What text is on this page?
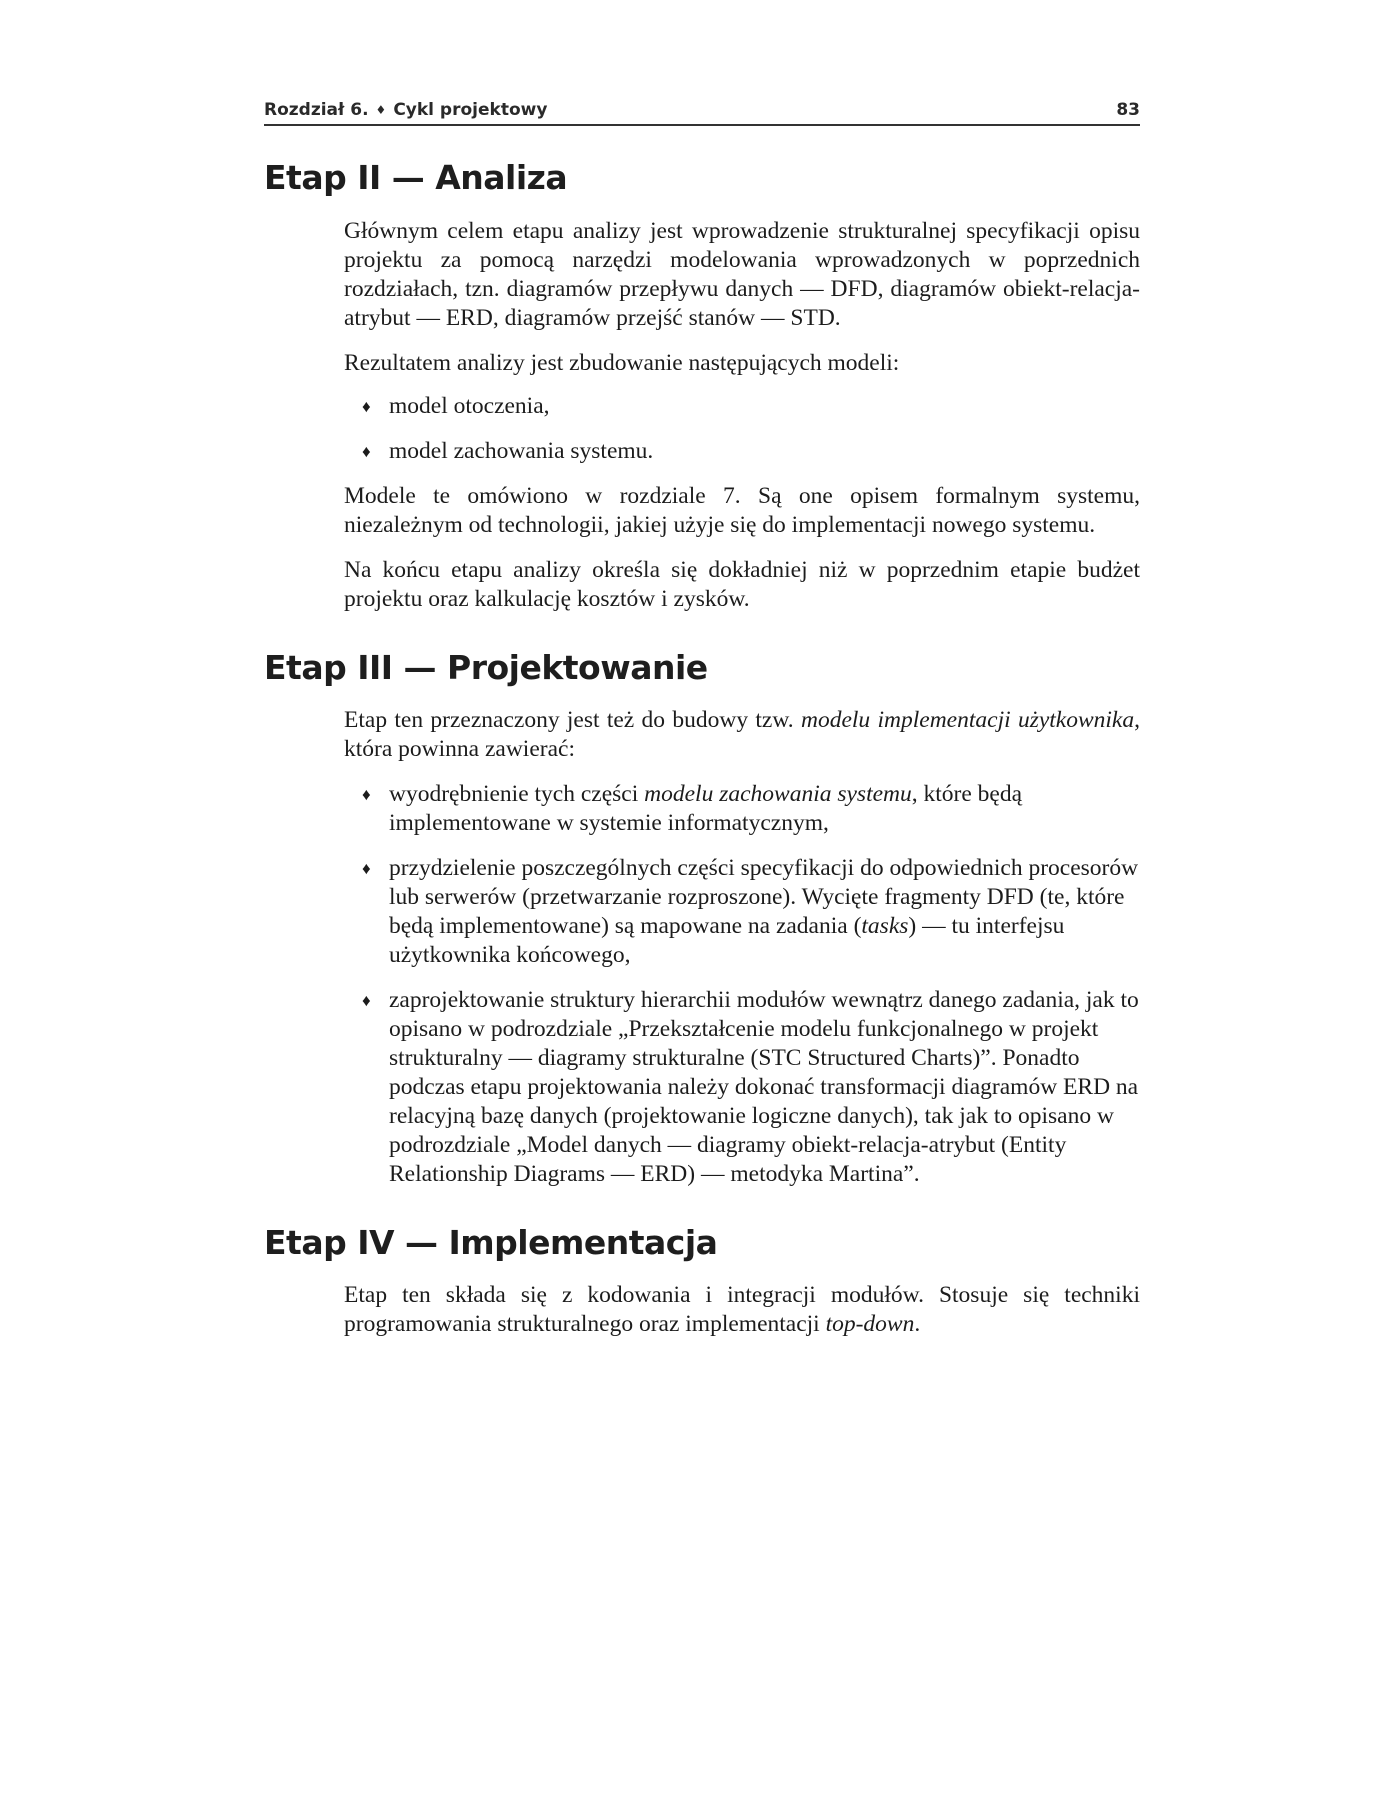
Rozdział 6. ♦ Cykl projektowy	83
Etap II — Analiza

Głównym celem etapu analizy jest wprowadzenie strukturalnej specyfikacji opisu projektu za pomocą narzędzi modelowania wprowadzonych w poprzednich rozdziałach, tzn. diagramów przepływu danych — DFD, diagramów obiekt-relacja-atrybut — ERD, diagramów przejść stanów — STD.

Rezultatem analizy jest zbudowanie następujących modeli:

♦ model otoczenia,
♦ model zachowania systemu.

Modele te omówiono w rozdziale 7. Są one opisem formalnym systemu, niezależnym od technologii, jakiej użyje się do implementacji nowego systemu.

Na końcu etapu analizy określa się dokładniej niż w poprzednim etapie budżet projektu oraz kalkulację kosztów i zysków.

Etap III — Projektowanie

Etap ten przeznaczony jest też do budowy tzw. modelu implementacji użytkownika, która powinna zawierać:

♦ wyodrębnienie tych części modelu zachowania systemu, które będą implementowane w systemie informatycznym,
♦ przydzielenie poszczególnych części specyfikacji do odpowiednich procesorów lub serwerów (przetwarzanie rozproszone). Wycięte fragmenty DFD (te, które będą implementowane) są mapowane na zadania (tasks) — tu interfejsu użytkownika końcowego,
♦ zaprojektowanie struktury hierarchii modułów wewnątrz danego zadania, jak to opisano w podrozdziale „Przekształcenie modelu funkcjonalnego w projekt strukturalny — diagramy strukturalne (STC Structured Charts)”. Ponadto podczas etapu projektowania należy dokonać transformacji diagramów ERD na relacyjną bazę danych (projektowanie logiczne danych), tak jak to opisano w podrozdziale „Model danych — diagramy obiekt-relacja-atrybut (Entity Relationship Diagrams — ERD) — metodyka Martina”.
Etap IV — Implementacja

Etap ten składa się z kodowania i integracji modułów. Stosuje się techniki programowania strukturalnego oraz implementacji top-down.
